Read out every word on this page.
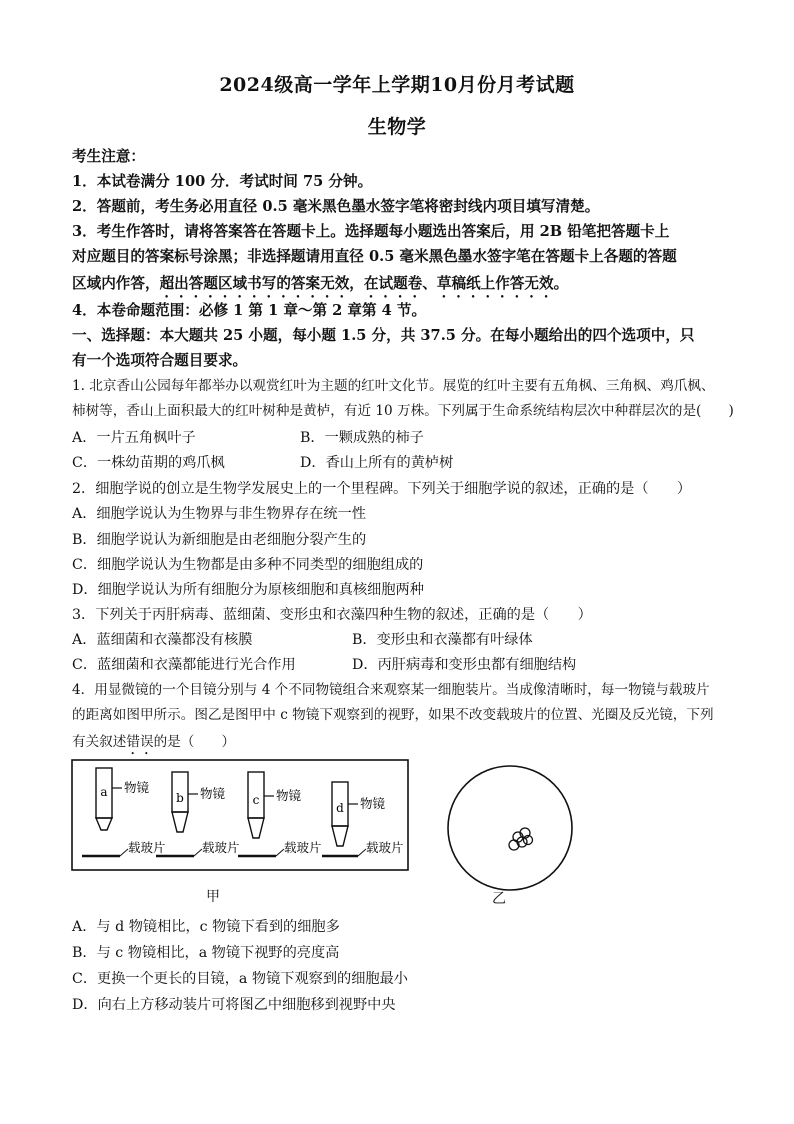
2024级高一学年上学期10月份月考试题
生物学
考生注意：
1．本试卷满分 100 分．考试时间 75 分钟。
2．答题前，考生务必用直径 0.5 毫米黑色墨水签字笔将密封线内项目填写清楚。
3．考生作答时，请将答案答在答题卡上。选择题每小题选出答案后，用 2B 铅笔把答题卡上
对应题目的答案标号涂黑；非选择题请用直径 0.5 毫米黑色墨水签字笔在答题卡上各题的答题
区域内作答，超出答题区域书写的答案无效，在试题卷、草稿纸上作答无效。
4．本卷命题范围：必修 1 第 1 章～第 2 章第 4 节。
一、选择题：本大题共 25 小题，每小题 1.5 分，共 37.5 分。在每小题给出的四个选项中，只
有一个选项符合题目要求。
1. 北京香山公园每年都举办以观赏红叶为主题的红叶文化节。展览的红叶主要有五角枫、三角枫、鸡爪枫、
柿树等，香山上面积最大的红叶树种是黄栌，有近 10 万株。下列属于生命系统结构层次中种群层次的是(　　)
A．一片五角枫叶子	B．一颗成熟的柿子
C．一株幼苗期的鸡爪枫	D．香山上所有的黄栌树
2．细胞学说的创立是生物学发展史上的一个里程碑。下列关于细胞学说的叙述，正确的是（　　）
A．细胞学说认为生物界与非生物界存在统一性
B．细胞学说认为新细胞是由老细胞分裂产生的
C．细胞学说认为生物都是由多种不同类型的细胞组成的
D．细胞学说认为所有细胞分为原核细胞和真核细胞两种
3．下列关于丙肝病毒、蓝细菌、变形虫和衣藻四种生物的叙述，正确的是（　　）
A．蓝细菌和衣藻都没有核膜	B．变形虫和衣藻都有叶绿体
C．蓝细菌和衣藻都能进行光合作用	D．丙肝病毒和变形虫都有细胞结构
4．用显微镜的一个目镜分别与 4 个不同物镜组合来观察某一细胞装片。当成像清晰时，每一物镜与载玻片
的距离如图甲所示。图乙是图甲中 c 物镜下观察到的视野，如果不改变载玻片的位置、光圈及反光镜，下列
有关叙述错误的是（　　）
a	b	c
d
物镜	物镜	物镜
物镜
载玻片	载玻片	载玻片	载玻片
甲	乙
A．与 d 物镜相比，c 物镜下看到的细胞多
B．与 c 物镜相比，a 物镜下视野的亮度高
C．更换一个更长的目镜，a 物镜下观察到的细胞最小
D．向右上方移动装片可将图乙中细胞移到视野中央
